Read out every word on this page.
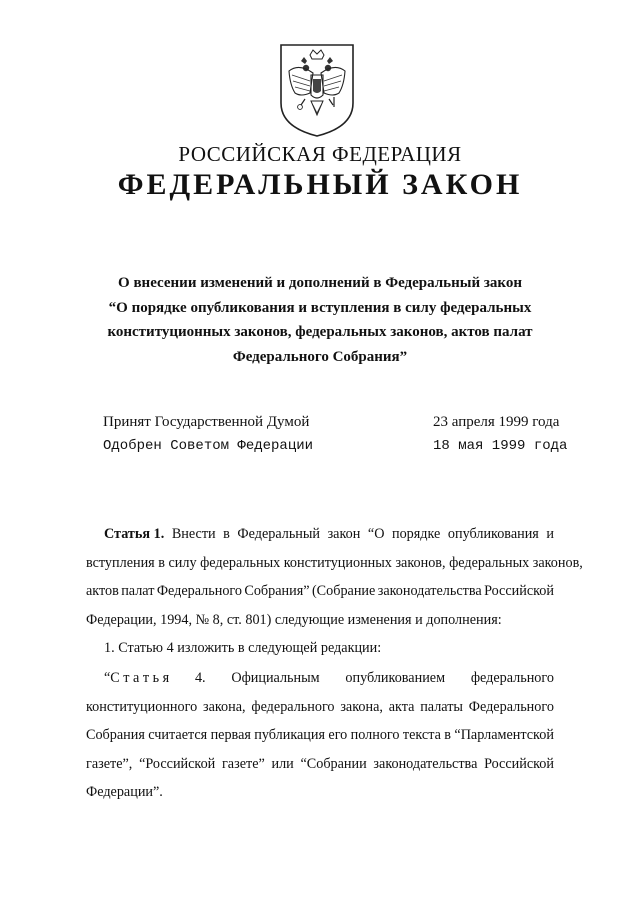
РОССИЙСКАЯ ФЕДЕРАЦИЯ
ФЕДЕРАЛЬНЫЙ ЗАКОН
О внесении изменений и дополнений в Федеральный закон
“О порядке опубликования и вступления в силу федеральных
конституционных законов, федеральных законов, актов палат
Федерального Собрания”
Принят Государственной Думой	23 апреля 1999 года
Одобрен Советом Федерации	18 мая 1999 года
Статья 1. Внести в Федеральный закон “О порядке опубликования и
вступления в силу федеральных конституционных законов, федеральных законов,
актов палат Федерального Собрания” (Собрание законодательства Российской
Федерации, 1994, № 8, ст. 801) следующие изменения и дополнения:
1. Статью 4 изложить в следующей редакции:
“С т а т ь я 4. Официальным опубликованием федерального
конституционного закона, федерального закона, акта палаты Федерального
Собрания считается первая публикация его полного текста в “Парламентской
газете”, “Российской газете” или “Собрании законодательства Российской
Федерации”.
